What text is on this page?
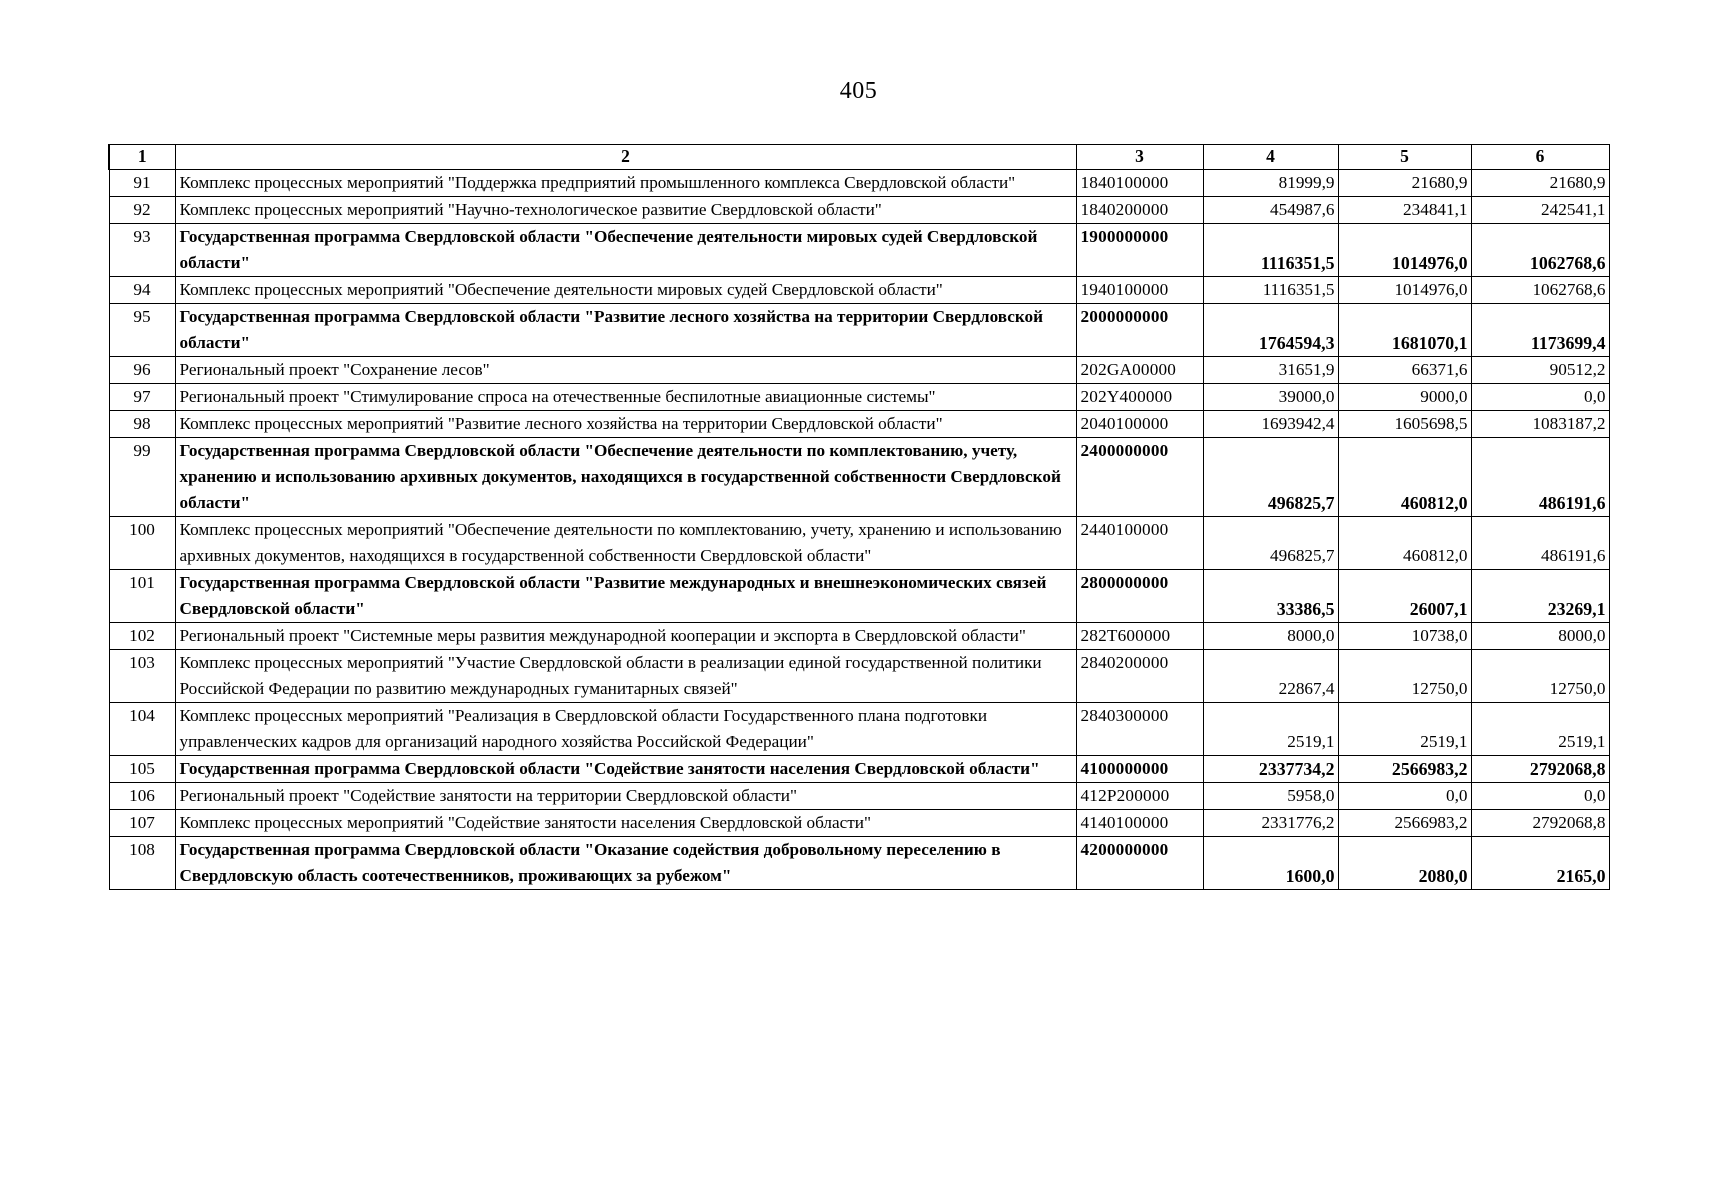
405
1	2	3	4	5	6
91	Комплекс процессных мероприятий "Поддержка предприятий промышленного комплекса Свердловской области"	1840100000	81999,9	21680,9	21680,9
92	Комплекс процессных мероприятий "Научно-технологическое развитие Свердловской области"	1840200000	454987,6	234841,1	242541,1
93	Государственная программа Свердловской области "Обеспечение деятельности мировых судей Свердловской области"	1900000000	1116351,5	1014976,0	1062768,6
94	Комплекс процессных мероприятий "Обеспечение деятельности мировых судей Свердловской области"	1940100000	1116351,5	1014976,0	1062768,6
95	Государственная программа Свердловской области "Развитие лесного хозяйства на территории Свердловской области"	2000000000	1764594,3	1681070,1	1173699,4
96	Региональный проект "Сохранение лесов"	202GA00000	31651,9	66371,6	90512,2
97	Региональный проект "Стимулирование спроса на отечественные беспилотные авиационные системы"	202Y400000	39000,0	9000,0	0,0
98	Комплекс процессных мероприятий "Развитие лесного хозяйства на территории Свердловской области"	2040100000	1693942,4	1605698,5	1083187,2
99	Государственная программа Свердловской области "Обеспечение деятельности по комплектованию, учету, хранению и использованию архивных документов, находящихся в государственной собственности Свердловской области"	2400000000	496825,7	460812,0	486191,6
100	Комплекс процессных мероприятий "Обеспечение деятельности по комплектованию, учету, хранению и использованию архивных документов, находящихся в государственной собственности Свердловской области"	2440100000	496825,7	460812,0	486191,6
101	Государственная программа Свердловской области "Развитие международных и внешнеэкономических связей Свердловской области"	2800000000	33386,5	26007,1	23269,1
102	Региональный проект "Системные меры развития международной кооперации и экспорта в Свердловской области"	282T600000	8000,0	10738,0	8000,0
103	Комплекс процессных мероприятий "Участие Свердловской области в реализации единой государственной политики Российской Федерации по развитию международных гуманитарных связей"	2840200000	22867,4	12750,0	12750,0
104	Комплекс процессных мероприятий "Реализация в Свердловской области Государственного плана подготовки управленческих кадров для организаций народного хозяйства Российской Федерации"	2840300000	2519,1	2519,1	2519,1
105	Государственная программа Свердловской области "Содействие занятости населения Свердловской области"	4100000000	2337734,2	2566983,2	2792068,8
106	Региональный проект "Содействие занятости на территории Свердловской области"	412P200000	5958,0	0,0	0,0
107	Комплекс процессных мероприятий "Содействие занятости населения Свердловской области"	4140100000	2331776,2	2566983,2	2792068,8
108	Государственная программа Свердловской области "Оказание содействия добровольному переселению в Свердловскую область соотечественников, проживающих за рубежом"	4200000000	1600,0	2080,0	2165,0
